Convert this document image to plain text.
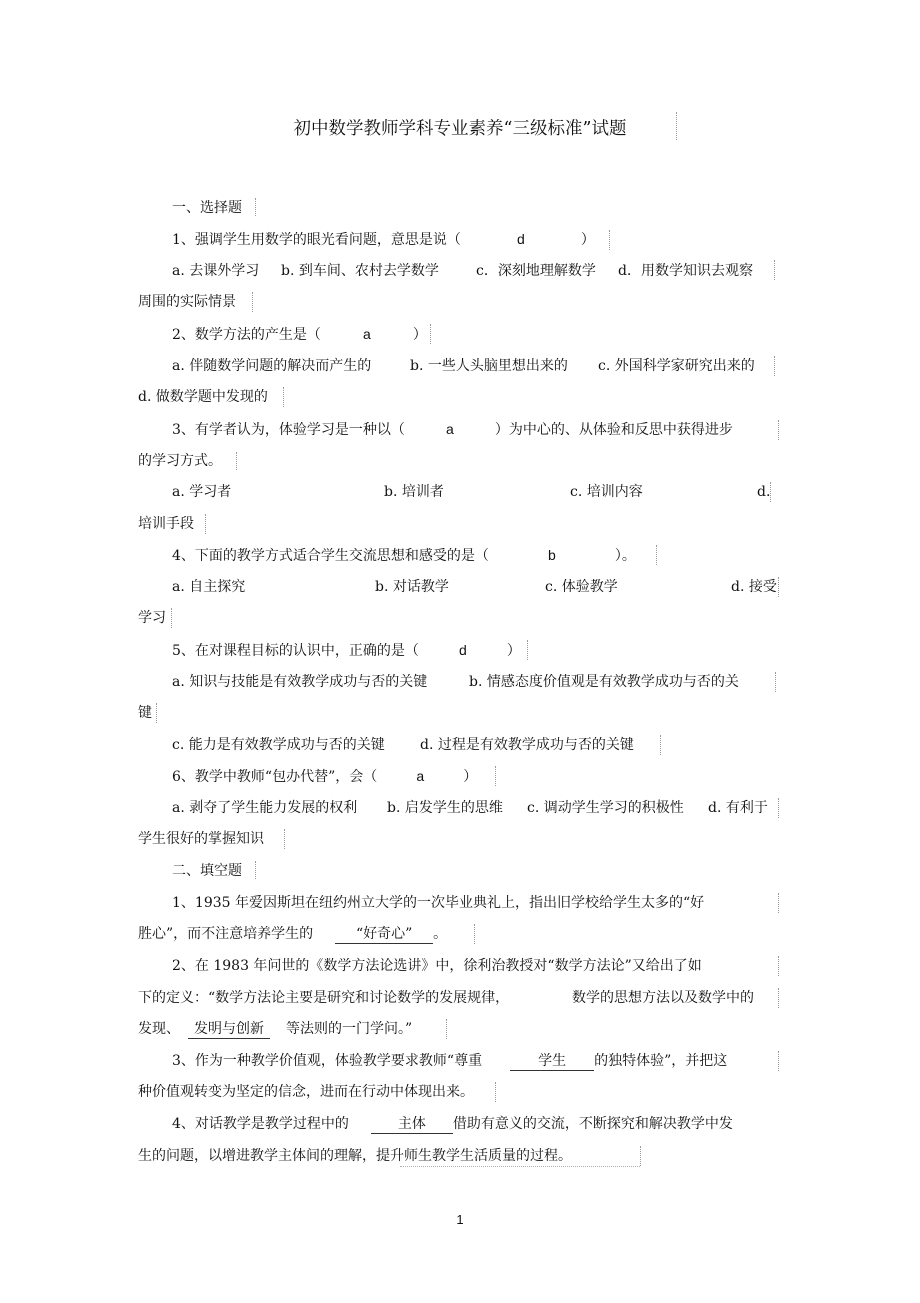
初中数学教师学科专业素养“三级标准”试题
一、选择题
1、强调学生用数学的眼光看问题，意思是说（	d	）
a. 去课外学习 b. 到车间、农村去学数学	c．深刻地理解数学 d．用数学知识去观察
周围的实际情景
2、数学方法的产生是（	a	）
a. 伴随数学问题的解决而产生的	b. 一些人头脑里想出来的 c. 外国科学家研究出来的
d. 做数学题中发现的
3、有学者认为，体验学习是一种以（	a	）为中心的、从体验和反思中获得进步
的学习方式。
a. 学习者	b. 培训者	c. 培训内容	d.
培训手段
4、下面的教学方式适合学生交流思想和感受的是（	b	）。
a. 自主探究	b. 对话教学	c. 体验教学	d. 接受
学习
5、在对课程目标的认识中，正确的是（	d	）
a. 知识与技能是有效教学成功与否的关键	b. 情感态度价值观是有效教学成功与否的关
键
c. 能力是有效教学成功与否的关键	d. 过程是有效教学成功与否的关键
6、教学中教师“包办代替”，会（	a	）
a. 剥夺了学生能力发展的权利 b. 启发学生的思维 c. 调动学生学习的积极性 d. 有利于
学生很好的掌握知识
二、填空题
1、1935 年爱因斯坦在纽约州立大学的一次毕业典礼上，指出旧学校给学生太多的“好
胜心”，而不注意培养学生的	“好奇心” 。
2、在 1983 年问世的《数学方法论选讲》中，徐利治教授对“数学方法论”又给出了如
下的定义：“数学方法论主要是研究和讨论数学的发展规律，	数学的思想方法以及数学中的
发现、 发明与创新 等法则的一门学问。”
3、作为一种教学价值观，体验教学要求教师“尊重	学生 的独特体验”，并把这
种价值观转变为坚定的信念，进而在行动中体现出来。
4、对话教学是教学过程中的	主体 借助有意义的交流，不断探究和解决教学中发
生的问题，以增进教学主体间的理解，提升师生教学生活质量的过程。
1
